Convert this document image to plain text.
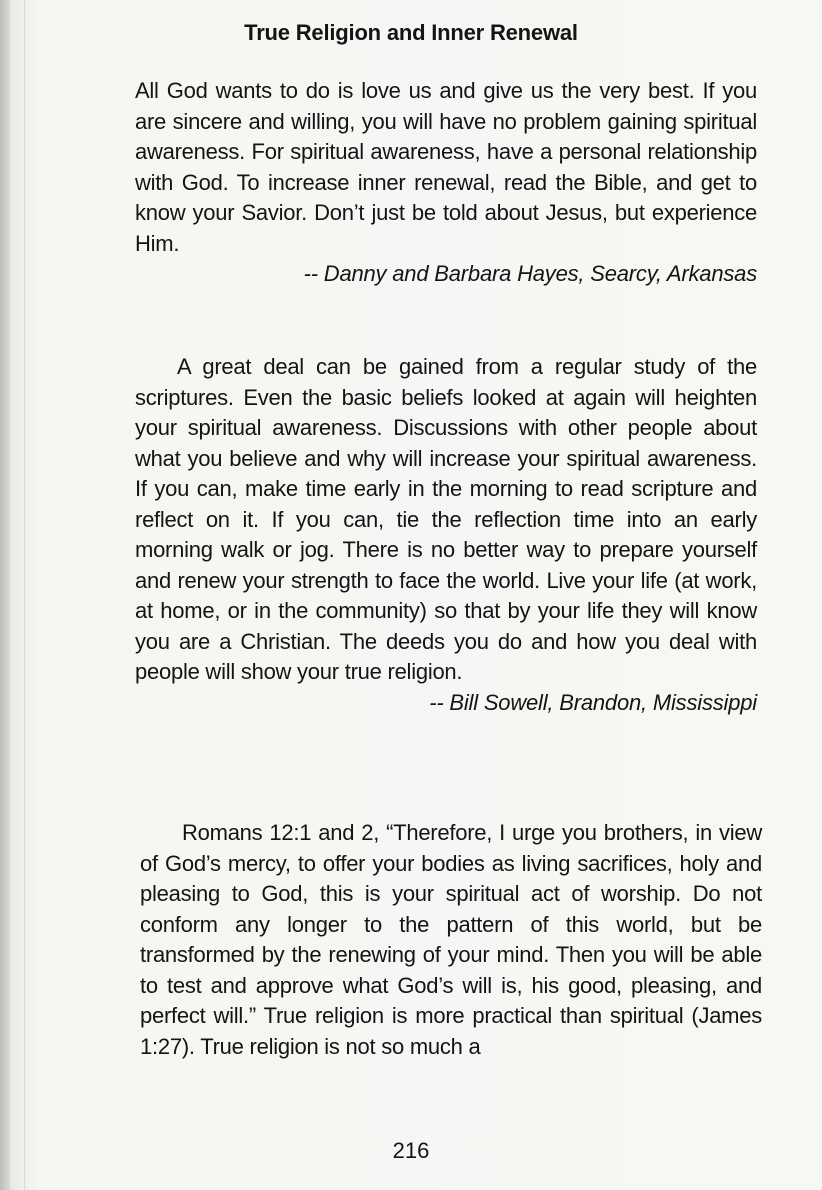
True Religion and Inner Renewal

All God wants to do is love us and give us the very best. If you are sincere and willing, you will have no problem gaining spiritual awareness. For spiritual awareness, have a personal relationship with God. To increase inner renewal, read the Bible, and get to know your Savior. Don’t just be told about Jesus, but experience Him.

-- Danny and Barbara Hayes, Searcy, Arkansas

A great deal can be gained from a regular study of the scriptures. Even the basic beliefs looked at again will heighten your spiritual awareness. Discussions with other people about what you believe and why will increase your spiritual awareness. If you can, make time early in the morning to read scripture and reflect on it. If you can, tie the reflection time into an early morning walk or jog. There is no better way to prepare yourself and renew your strength to face the world. Live your life (at work, at home, or in the community) so that by your life they will know you are a Christian. The deeds you do and how you deal with people will show your true religion.

-- Bill Sowell, Brandon, Mississippi

Romans 12:1 and 2, “Therefore, I urge you brothers, in view of God’s mercy, to offer your bodies as living sacrifices, holy and pleasing to God, this is your spiritual act of worship. Do not conform any longer to the pattern of this world, but be transformed by the renewing of your mind. Then you will be able to test and approve what God’s will is, his good, pleasing, and perfect will.” True religion is more practical than spiritual (James 1:27). True religion is not so much a

216
